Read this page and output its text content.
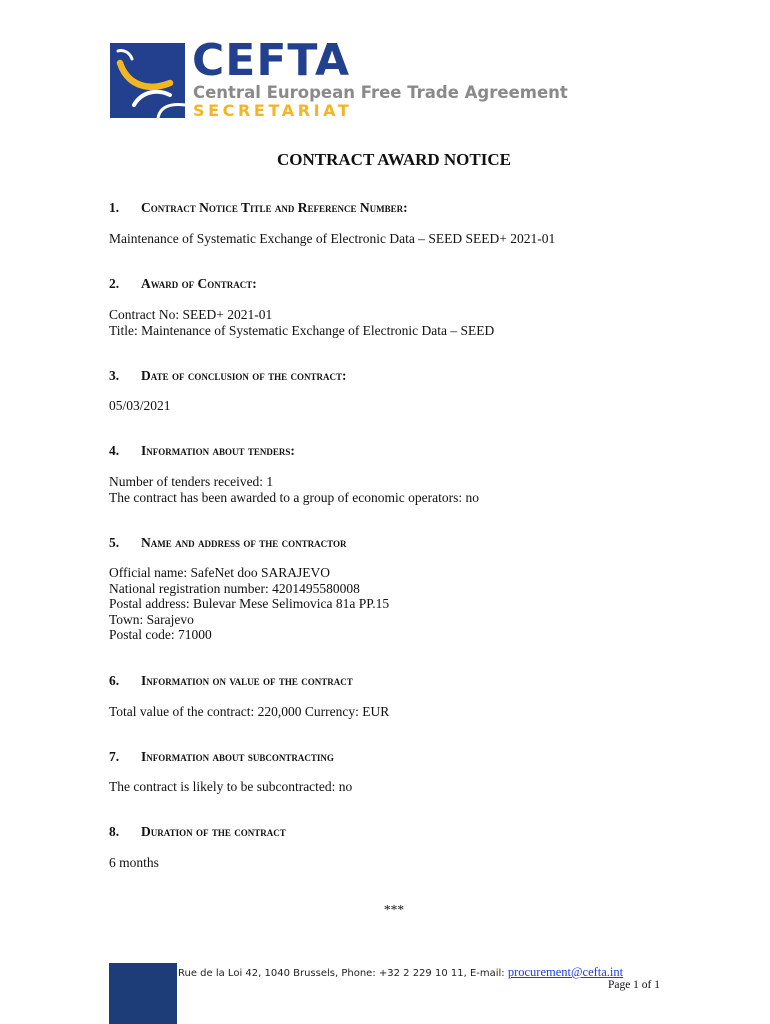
CEFTA
Central European Free Trade Agreement
SECRETARIAT
CONTRACT AWARD NOTICE
1. Contract Notice Title and Reference Number:
Maintenance of Systematic Exchange of Electronic Data – SEED SEED+ 2021-01
2. Award of Contract:
Contract No: SEED+ 2021-01
Title: Maintenance of Systematic Exchange of Electronic Data – SEED
3. Date of conclusion of the contract:
05/03/2021
4. Information about tenders:
Number of tenders received: 1
The contract has been awarded to a group of economic operators: no
5. Name and address of the contractor
Official name: SafeNet doo SARAJEVO
National registration number: 4201495580008
Postal address: Bulevar Mese Selimovica 81a PP.15
Town: Sarajevo
Postal code: 71000
6. Information on value of the contract
Total value of the contract: 220,000 Currency: EUR
7. Information about subcontracting
The contract is likely to be subcontracted: no
8. Duration of the contract
6 months
***
Rue de la Loi 42, 1040 Brussels, Phone: +32 2 229 10 11, E-mail: procurement@cefta.int
Page 1 of 1
